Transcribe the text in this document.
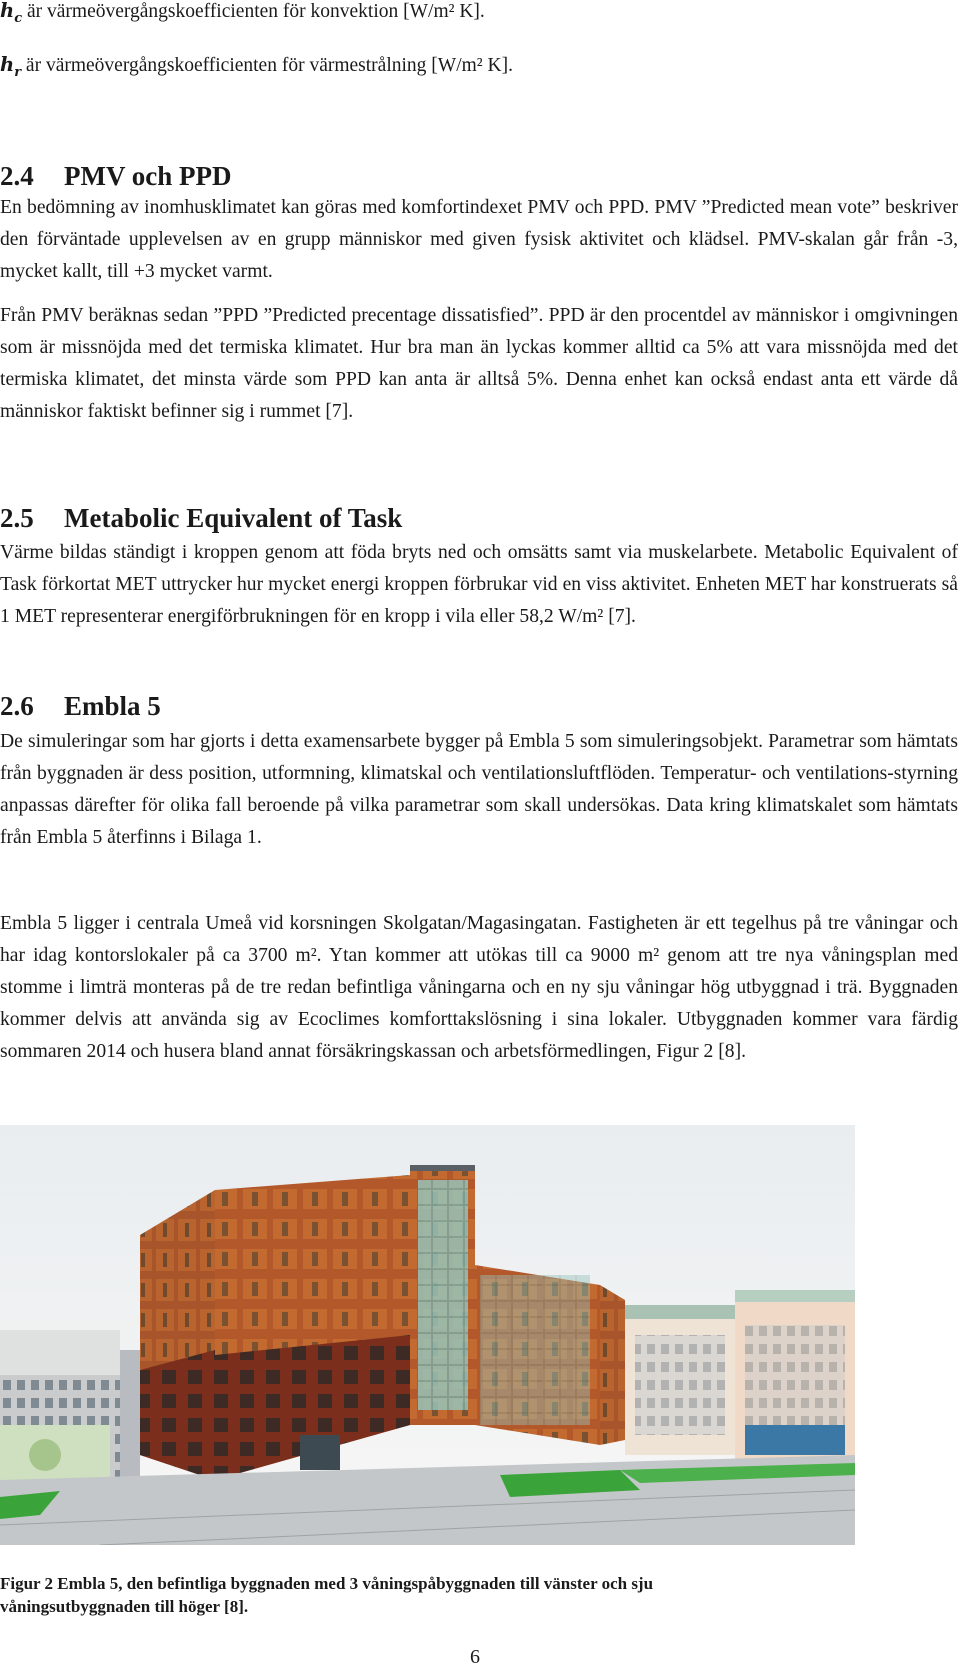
$h_c$ är värmeövergångskoefficienten för konvektion [W/m² K].
$h_r$ är värmeövergångskoefficienten för värmestrålning [W/m² K].
2.4 PMV och PPD

En bedömning av inomhusklimatet kan göras med komfortindexet PMV och PPD. PMV ”Predicted mean vote” beskriver den förväntade upplevelsen av en grupp människor med given fysisk aktivitet och klädsel. PMV-skalan går från -3, mycket kallt, till +3 mycket varmt.

Från PMV beräknas sedan ”PPD ”Predicted precentage dissatisfied”. PPD är den procentdel av människor i omgivningen som är missnöjda med det termiska klimatet. Hur bra man än lyckas kommer alltid ca 5% att vara missnöjda med det termiska klimatet, det minsta värde som PPD kan anta är alltså 5%. Denna enhet kan också endast anta ett värde då människor faktiskt befinner sig i rummet [7].

2.5 Metabolic Equivalent of Task

Värme bildas ständigt i kroppen genom att föda bryts ned och omsätts samt via muskelarbete. Metabolic Equivalent of Task förkortat MET uttrycker hur mycket energi kroppen förbrukar vid en viss aktivitet. Enheten MET har konstruerats så 1 MET representerar energiförbrukningen för en kropp i vila eller 58,2 W/m² [7].

2.6 Embla 5

De simuleringar som har gjorts i detta examensarbete bygger på Embla 5 som simuleringsobjekt. Parametrar som hämtats från byggnaden är dess position, utformning, klimatskal och ventilationsluftflöden. Temperatur- och ventilations-styrning anpassas därefter för olika fall beroende på vilka parametrar som skall undersökas. Data kring klimatskalet som hämtats från Embla 5 återfinns i Bilaga 1.

Embla 5 ligger i centrala Umeå vid korsningen Skolgatan/Magasingatan. Fastigheten är ett tegelhus på tre våningar och har idag kontorslokaler på ca 3700 m². Ytan kommer att utökas till ca 9000 m² genom att tre nya våningsplan med stomme i limträ monteras på de tre redan befintliga våningarna och en ny sju våningar hög utbyggnad i trä. Byggnaden kommer delvis att använda sig av Ecoclimes komforttakslösning i sina lokaler. Utbyggnaden kommer vara färdig sommaren 2014 och husera bland annat försäkringskassan och arbetsförmedlingen, Figur 2 [8].

Figur 2 Embla 5, den befintliga byggnaden med 3 våningspåbyggnaden till vänster och sju våningsutbyggnaden till höger [8].
6
